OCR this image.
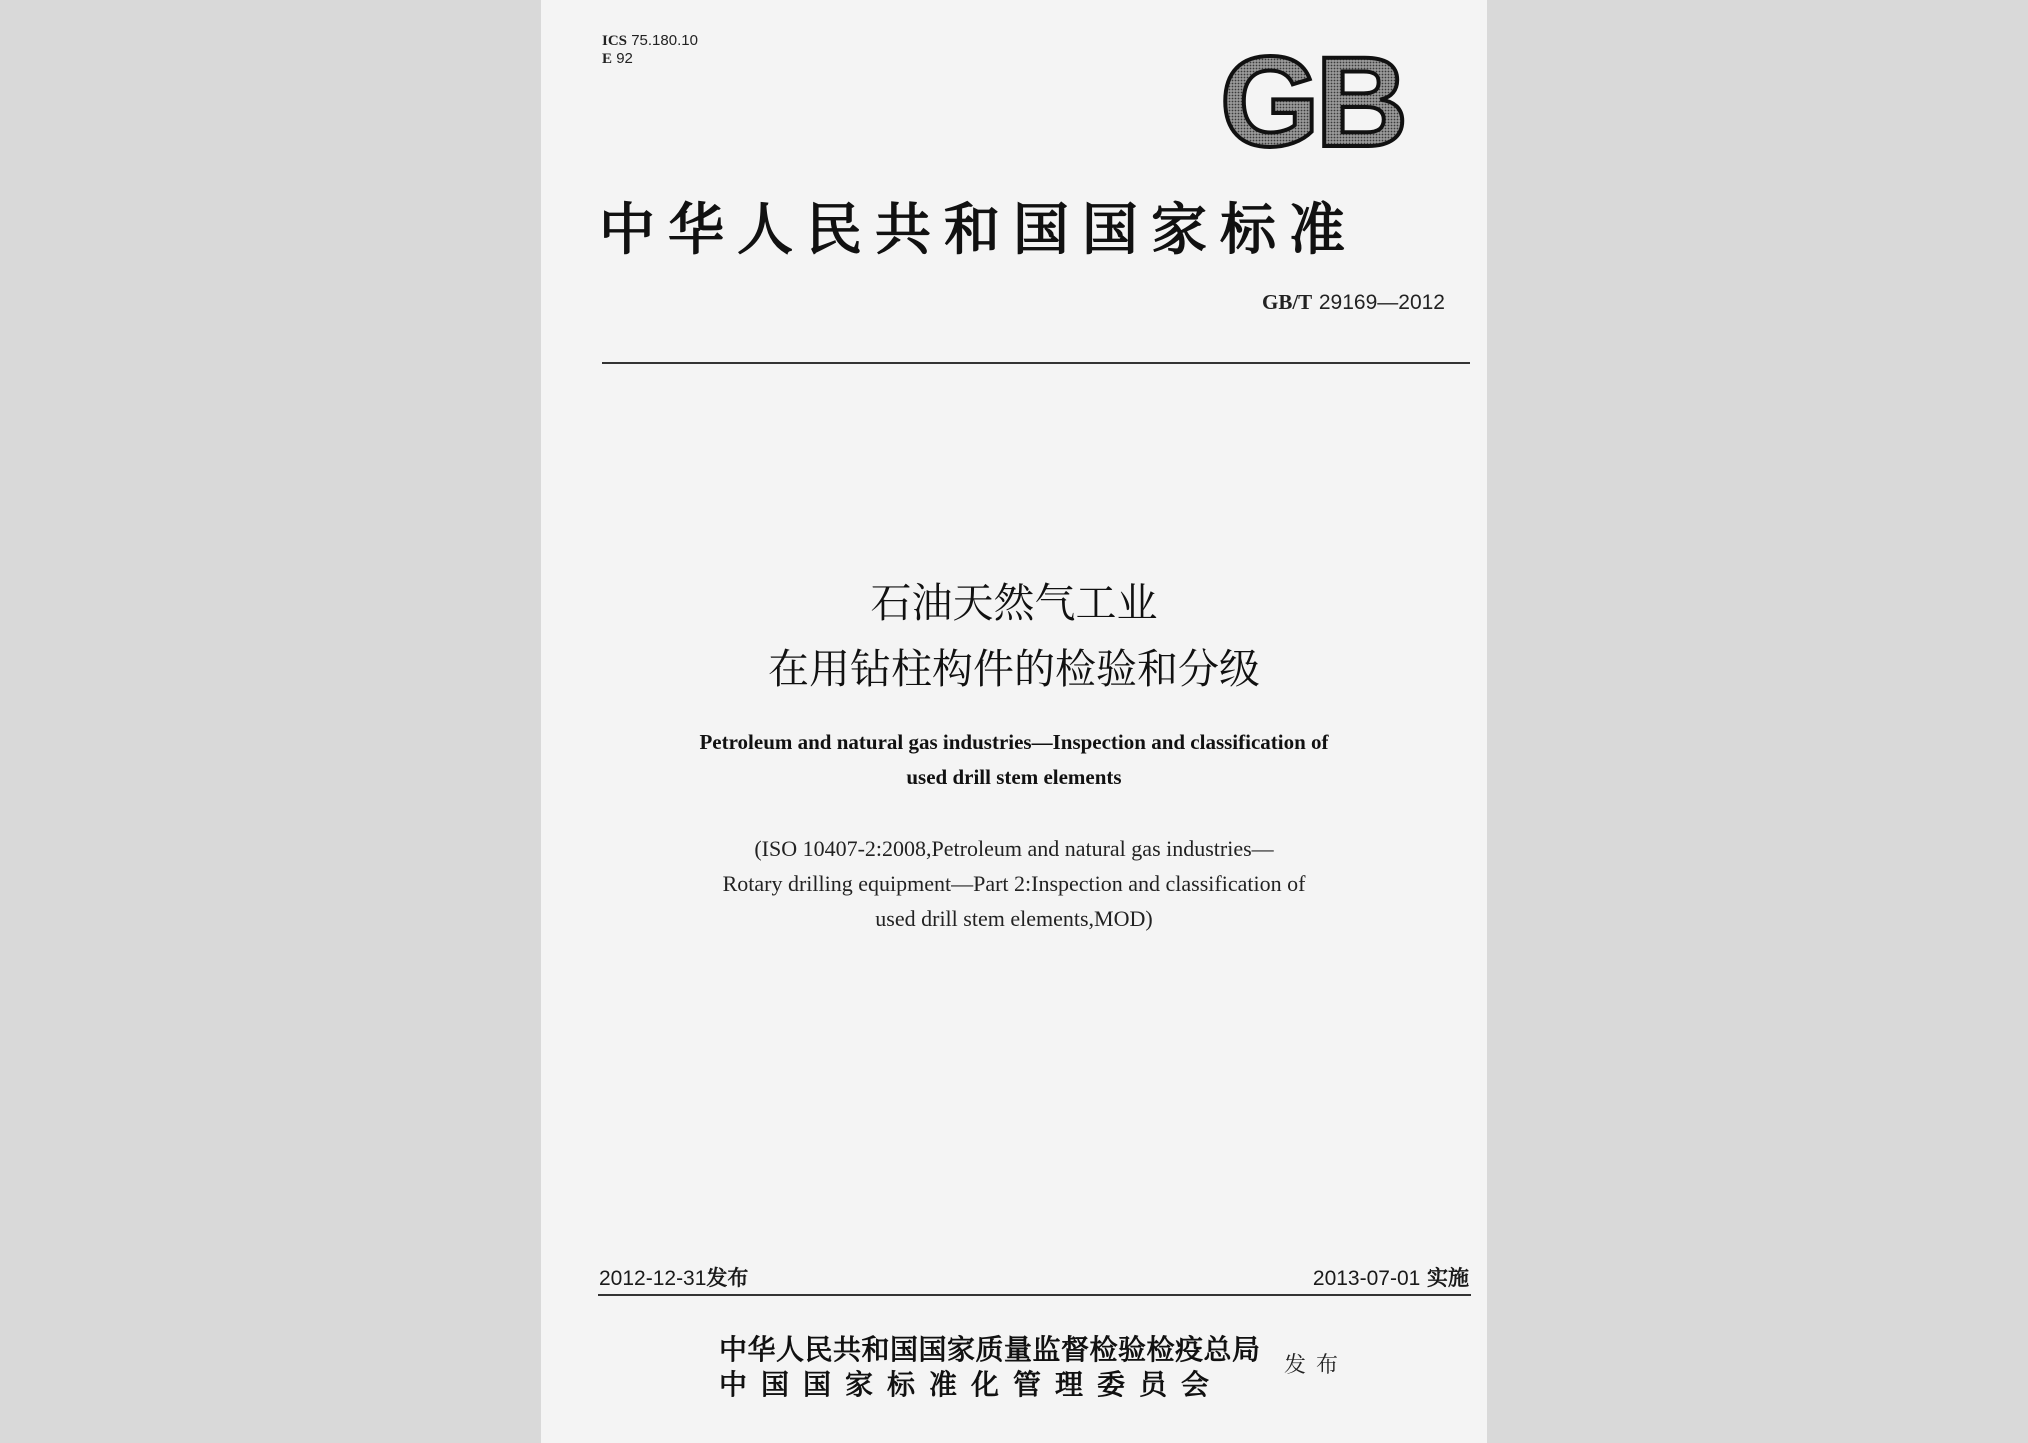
ICS 75.180.10
E 92	GB
中华人民共和国国家标准
GB/T 29169—2012
石油天然气工业
在用钻柱构件的检验和分级
Petroleum and natural gas industries—Inspection and classification of
used drill stem elements
(ISO 10407-2:2008,Petroleum and natural gas industries—
Rotary drilling equipment—Part 2:Inspection and classification of
used drill stem elements,MOD)
2012-12-31发布	2013-07-01 实施
中华人民共和国国家质量监督检验检疫总局
中国国家标准化管理委员会
发布
